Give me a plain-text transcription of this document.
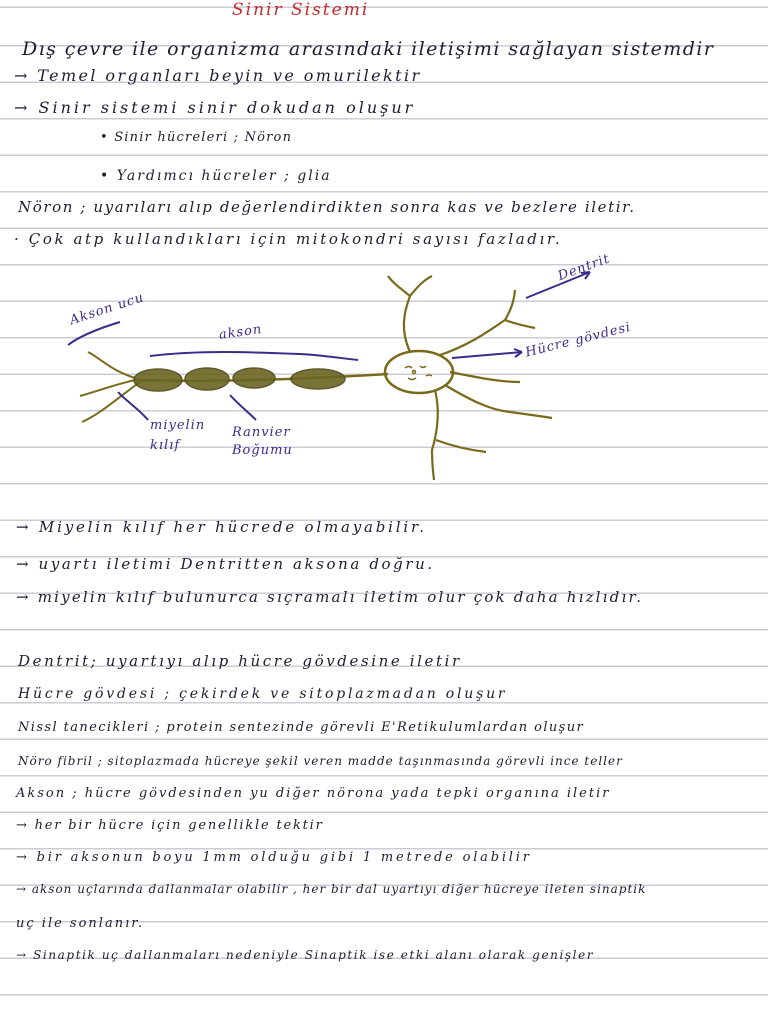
Sinir Sistemi
Dış çevre ile organizma arasındaki iletişimi sağlayan sistemdir
→ Temel organları beyin ve omurilektir
→ Sinir sistemi sinir dokudan oluşur
• Sinir hücreleri ; Nöron
• Yardımcı hücreler ; glia
Nöron ; uyarıları alıp değerlendirdikten sonra kas ve bezlere iletir.
· Çok atp kullandıkları için mitokondri sayısı fazladır.
Akson ucu
akson
Dentrit
Hücre gövdesi
miyelin kılıf
Ranvier Boğumu
→ Miyelin kılıf her hücrede olmayabilir.
→ uyartı iletimi Dentritten aksona doğru.
→ miyelin kılıf bulunurca sıçramalı iletim olur çok daha hızlıdır.
Dentrit; uyartıyı alıp hücre gövdesine iletir
Hücre gövdesi ; çekirdek ve sitoplazmadan oluşur
Nissl tanecikleri ; protein sentezinde görevli E'Retikulumlardan oluşur
Nöro fibril ; sitoplazmada hücreye şekil veren madde taşınmasında görevli ince teller
Akson ; hücre gövdesinden yu diğer nörona yada tepki organına iletir
→ her bir hücre için genellikle tektir
→ bir aksonun boyu 1mm olduğu gibi 1 metrede olabilir
→ akson uçlarında dallanmalar olabilir , her bir dal uyartıyı diğer hücreye ileten sinaptik
uç ile sonlanır.
→ Sinaptik uç dallanmaları nedeniyle Sinaptik ise etki alanı olarak genişler
